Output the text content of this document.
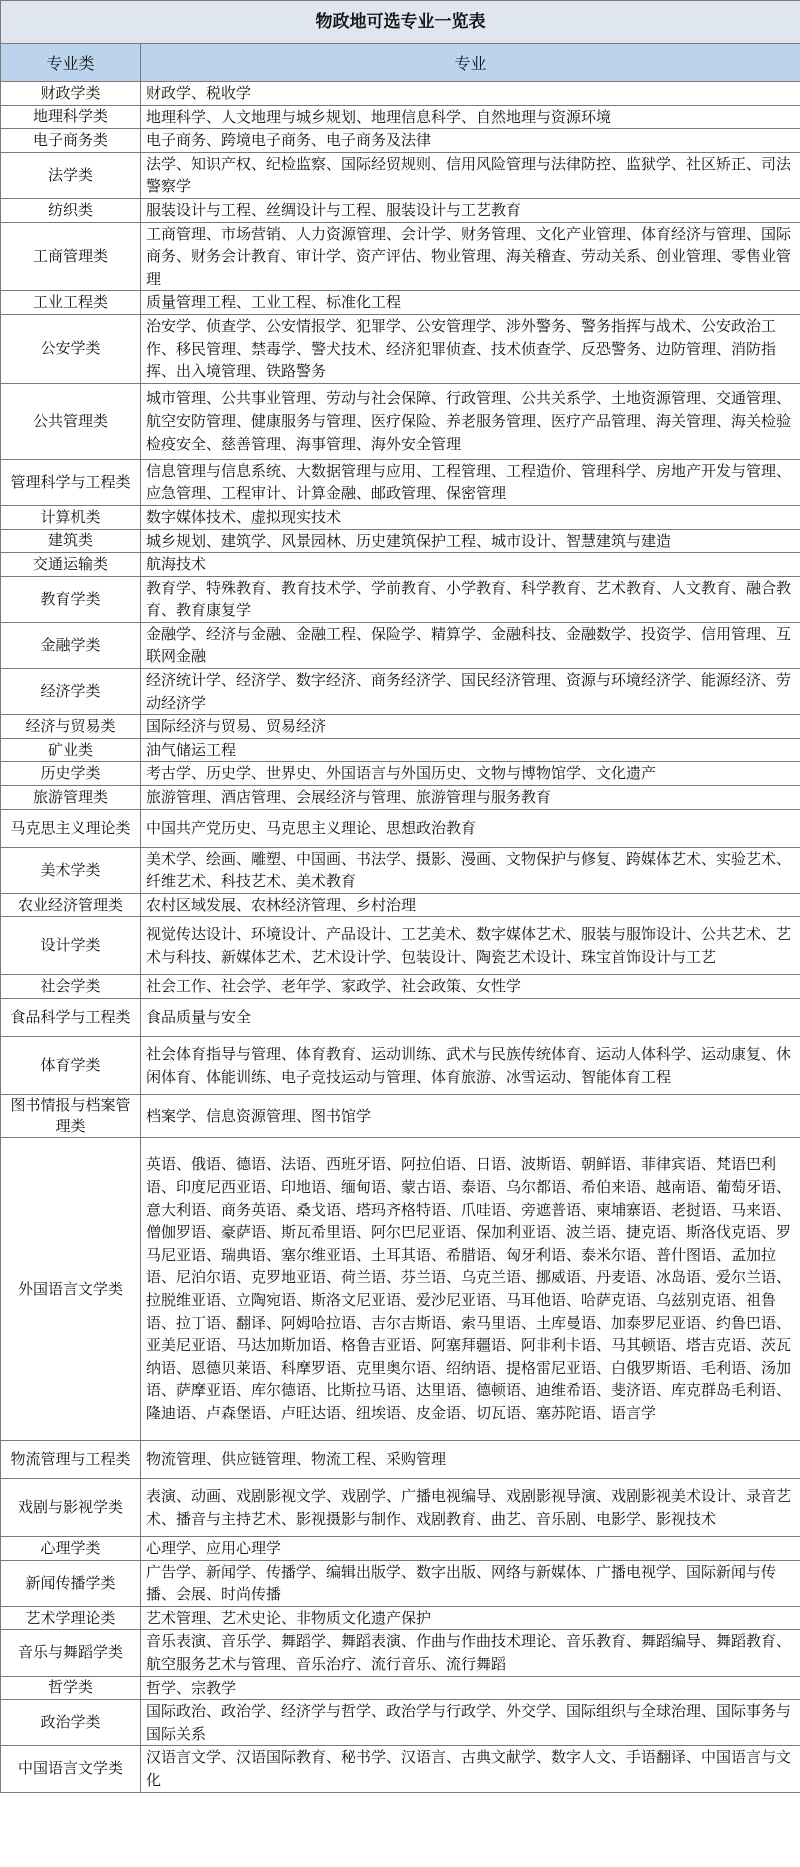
物政地可选专业一览表
专业类	专业
财政学类	财政学、税收学
地理科学类	地理科学、人文地理与城乡规划、地理信息科学、自然地理与资源环境
电子商务类	电子商务、跨境电子商务、电子商务及法律
法学类	法学、知识产权、纪检监察、国际经贸规则、信用风险管理与法律防控、监狱学、社区矫正、司法警察学
纺织类	服装设计与工程、丝绸设计与工程、服装设计与工艺教育
工商管理类	工商管理、市场营销、人力资源管理、会计学、财务管理、文化产业管理、体育经济与管理、国际商务、财务会计教育、审计学、资产评估、物业管理、海关稽查、劳动关系、创业管理、零售业管理
工业工程类	质量管理工程、工业工程、标准化工程
公安学类	治安学、侦查学、公安情报学、犯罪学、公安管理学、涉外警务、警务指挥与战术、公安政治工作、移民管理、禁毒学、警犬技术、经济犯罪侦查、技术侦查学、反恐警务、边防管理、消防指挥、出入境管理、铁路警务
公共管理类	城市管理、公共事业管理、劳动与社会保障、行政管理、公共关系学、土地资源管理、交通管理、航空安防管理、健康服务与管理、医疗保险、养老服务管理、医疗产品管理、海关管理、海关检验检疫安全、慈善管理、海事管理、海外安全管理
管理科学与工程类	信息管理与信息系统、大数据管理与应用、工程管理、工程造价、管理科学、房地产开发与管理、应急管理、工程审计、计算金融、邮政管理、保密管理
计算机类	数字媒体技术、虚拟现实技术
建筑类	城乡规划、建筑学、风景园林、历史建筑保护工程、城市设计、智慧建筑与建造
交通运输类	航海技术
教育学类	教育学、特殊教育、教育技术学、学前教育、小学教育、科学教育、艺术教育、人文教育、融合教育、教育康复学
金融学类	金融学、经济与金融、金融工程、保险学、精算学、金融科技、金融数学、投资学、信用管理、互联网金融
经济学类	经济统计学、经济学、数字经济、商务经济学、国民经济管理、资源与环境经济学、能源经济、劳动经济学
经济与贸易类	国际经济与贸易、贸易经济
矿业类	油气储运工程
历史学类	考古学、历史学、世界史、外国语言与外国历史、文物与博物馆学、文化遗产
旅游管理类	旅游管理、酒店管理、会展经济与管理、旅游管理与服务教育
马克思主义理论类	中国共产党历史、马克思主义理论、思想政治教育
美术学类	美术学、绘画、雕塑、中国画、书法学、摄影、漫画、文物保护与修复、跨媒体艺术、实验艺术、纤维艺术、科技艺术、美术教育
农业经济管理类	农村区域发展、农林经济管理、乡村治理
设计学类	视觉传达设计、环境设计、产品设计、工艺美术、数字媒体艺术、服装与服饰设计、公共艺术、艺术与科技、新媒体艺术、艺术设计学、包装设计、陶瓷艺术设计、珠宝首饰设计与工艺
社会学类	社会工作、社会学、老年学、家政学、社会政策、女性学
食品科学与工程类	食品质量与安全
体育学类	社会体育指导与管理、体育教育、运动训练、武术与民族传统体育、运动人体科学、运动康复、休闲体育、体能训练、电子竞技运动与管理、体育旅游、冰雪运动、智能体育工程
图书情报与档案管理类	档案学、信息资源管理、图书馆学
外国语言文学类	英语、俄语、德语、法语、西班牙语、阿拉伯语、日语、波斯语、朝鲜语、菲律宾语、梵语巴利语、印度尼西亚语、印地语、缅甸语、蒙古语、泰语、乌尔都语、希伯来语、越南语、葡萄牙语、意大利语、商务英语、桑戈语、塔玛齐格特语、爪哇语、旁遮普语、柬埔寨语、老挝语、马来语、僧伽罗语、豪萨语、斯瓦希里语、阿尔巴尼亚语、保加利亚语、波兰语、捷克语、斯洛伐克语、罗马尼亚语、瑞典语、塞尔维亚语、土耳其语、希腊语、匈牙利语、泰米尔语、普什图语、孟加拉语、尼泊尔语、克罗地亚语、荷兰语、芬兰语、乌克兰语、挪威语、丹麦语、冰岛语、爱尔兰语、拉脱维亚语、立陶宛语、斯洛文尼亚语、爱沙尼亚语、马耳他语、哈萨克语、乌兹别克语、祖鲁语、拉丁语、翻译、阿姆哈拉语、吉尔吉斯语、索马里语、土库曼语、加泰罗尼亚语、约鲁巴语、亚美尼亚语、马达加斯加语、格鲁吉亚语、阿塞拜疆语、阿非利卡语、马其顿语、塔吉克语、茨瓦纳语、恩德贝莱语、科摩罗语、克里奥尔语、绍纳语、提格雷尼亚语、白俄罗斯语、毛利语、汤加语、萨摩亚语、库尔德语、比斯拉马语、达里语、德顿语、迪维希语、斐济语、库克群岛毛利语、隆迪语、卢森堡语、卢旺达语、纽埃语、皮金语、切瓦语、塞苏陀语、语言学
物流管理与工程类	物流管理、供应链管理、物流工程、采购管理
戏剧与影视学类	表演、动画、戏剧影视文学、戏剧学、广播电视编导、戏剧影视导演、戏剧影视美术设计、录音艺术、播音与主持艺术、影视摄影与制作、戏剧教育、曲艺、音乐剧、电影学、影视技术
心理学类	心理学、应用心理学
新闻传播学类	广告学、新闻学、传播学、编辑出版学、数字出版、网络与新媒体、广播电视学、国际新闻与传播、会展、时尚传播
艺术学理论类	艺术管理、艺术史论、非物质文化遗产保护
音乐与舞蹈学类	音乐表演、音乐学、舞蹈学、舞蹈表演、作曲与作曲技术理论、音乐教育、舞蹈编导、舞蹈教育、航空服务艺术与管理、音乐治疗、流行音乐、流行舞蹈
哲学类	哲学、宗教学
政治学类	国际政治、政治学、经济学与哲学、政治学与行政学、外交学、国际组织与全球治理、国际事务与国际关系
中国语言文学类	汉语言文学、汉语国际教育、秘书学、汉语言、古典文献学、数字人文、手语翻译、中国语言与文化
